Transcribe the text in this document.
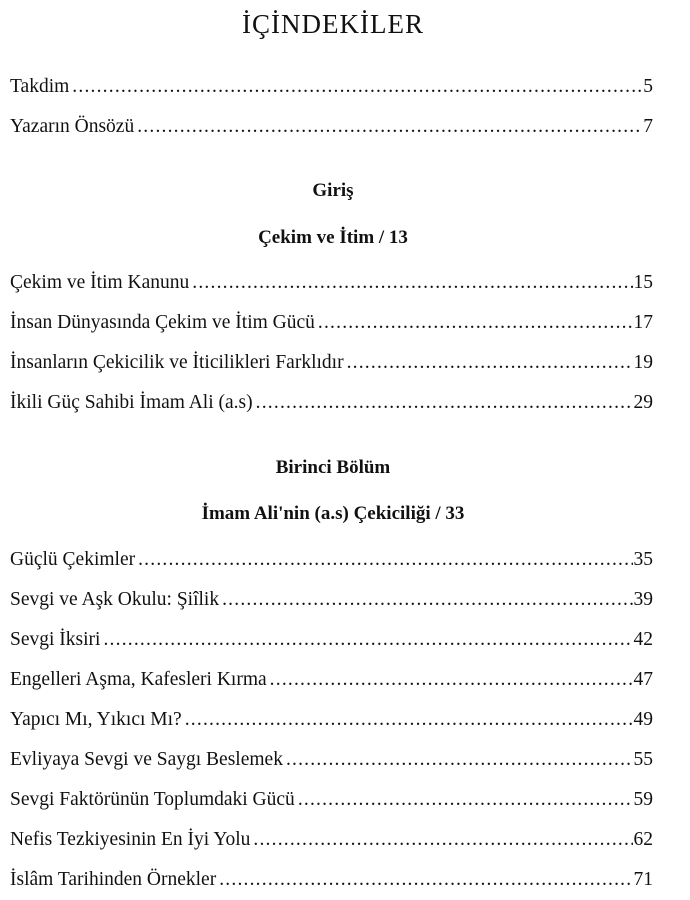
İÇİNDEKİLER
Takdim .....	5
Yazarın Önsözü .....	7
Giriş
Çekim ve İtim / 13
Çekim ve İtim Kanunu .....	15
İnsan Dünyasında Çekim ve İtim Gücü .....	17
İnsanların Çekicilik ve İticilikleri Farklıdır .....	19
İkili Güç Sahibi İmam Ali (a.s) .....	29
Birinci Bölüm
İmam Ali'nin (a.s) Çekiciliği / 33
Güçlü Çekimler .....	35
Sevgi ve Aşk Okulu: Şiîlik .....	39
Sevgi İksiri .....	42
Engelleri Aşma, Kafesleri Kırma .....	47
Yapıcı Mı, Yıkıcı Mı? .....	49
Evliyaya Sevgi ve Saygı Beslemek .....	55
Sevgi Faktörünün Toplumdaki Gücü .....	59
Nefis Tezkiyesinin En İyi Yolu .....	62
İslâm Tarihinden Örnekler .....	71
